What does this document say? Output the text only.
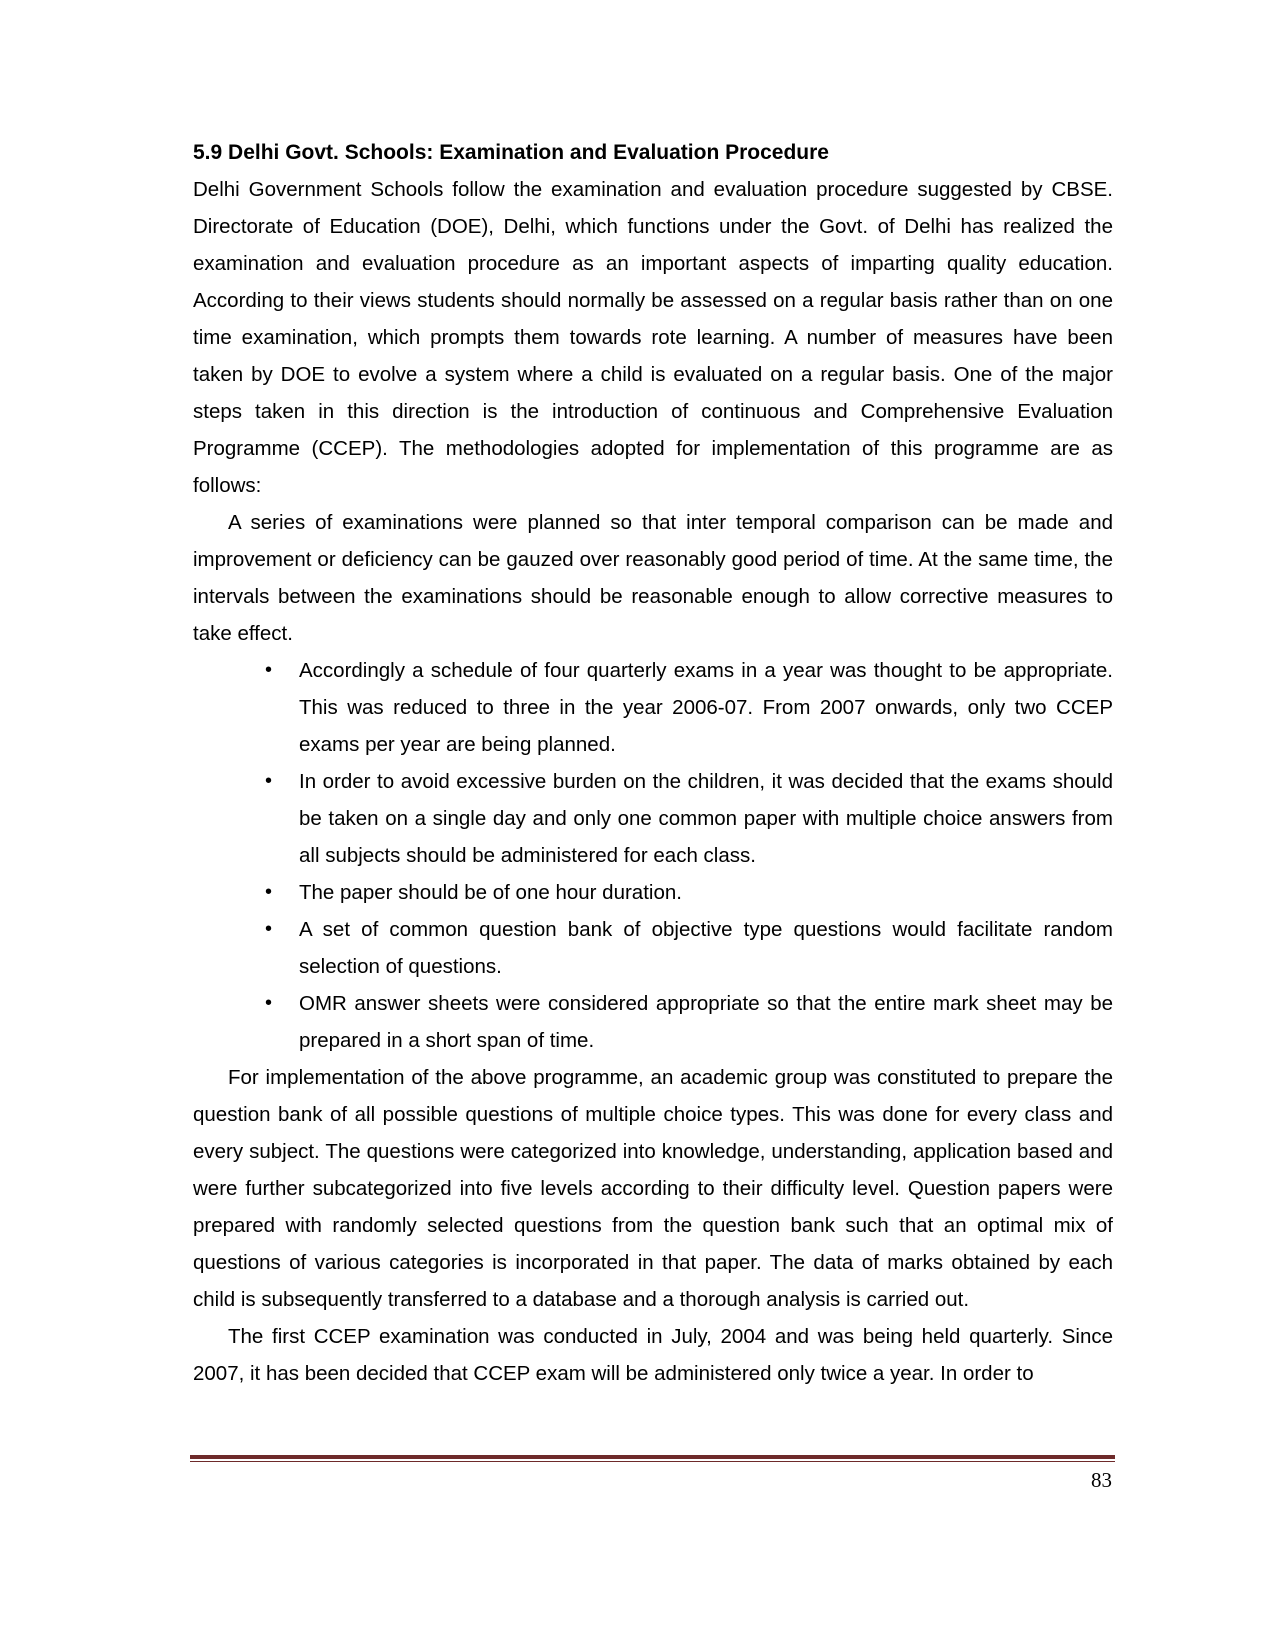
5.9 Delhi Govt. Schools: Examination and Evaluation Procedure

Delhi Government Schools follow the examination and evaluation procedure suggested by CBSE. Directorate of Education (DOE), Delhi, which functions under the Govt. of Delhi has realized the examination and evaluation procedure as an important aspects of imparting quality education. According to their views students should normally be assessed on a regular basis rather than on one time examination, which prompts them towards rote learning. A number of measures have been taken by DOE to evolve a system where a child is evaluated on a regular basis. One of the major steps taken in this direction is the introduction of continuous and Comprehensive Evaluation Programme (CCEP). The methodologies adopted for implementation of this programme are as follows:

A series of examinations were planned so that inter temporal comparison can be made and improvement or deficiency can be gauzed over reasonably good period of time. At the same time, the intervals between the examinations should be reasonable enough to allow corrective measures to take effect.

• Accordingly a schedule of four quarterly exams in a year was thought to be appropriate. This was reduced to three in the year 2006-07. From 2007 onwards, only two CCEP exams per year are being planned.
• In order to avoid excessive burden on the children, it was decided that the exams should be taken on a single day and only one common paper with multiple choice answers from all subjects should be administered for each class.
• The paper should be of one hour duration.
• A set of common question bank of objective type questions would facilitate random selection of questions.
• OMR answer sheets were considered appropriate so that the entire mark sheet may be prepared in a short span of time.

For implementation of the above programme, an academic group was constituted to prepare the question bank of all possible questions of multiple choice types. This was done for every class and every subject. The questions were categorized into knowledge, understanding, application based and were further subcategorized into five levels according to their difficulty level. Question papers were prepared with randomly selected questions from the question bank such that an optimal mix of questions of various categories is incorporated in that paper. The data of marks obtained by each child is subsequently transferred to a database and a thorough analysis is carried out.

The first CCEP examination was conducted in July, 2004 and was being held quarterly. Since 2007, it has been decided that CCEP exam will be administered only twice a year. In order to

83
